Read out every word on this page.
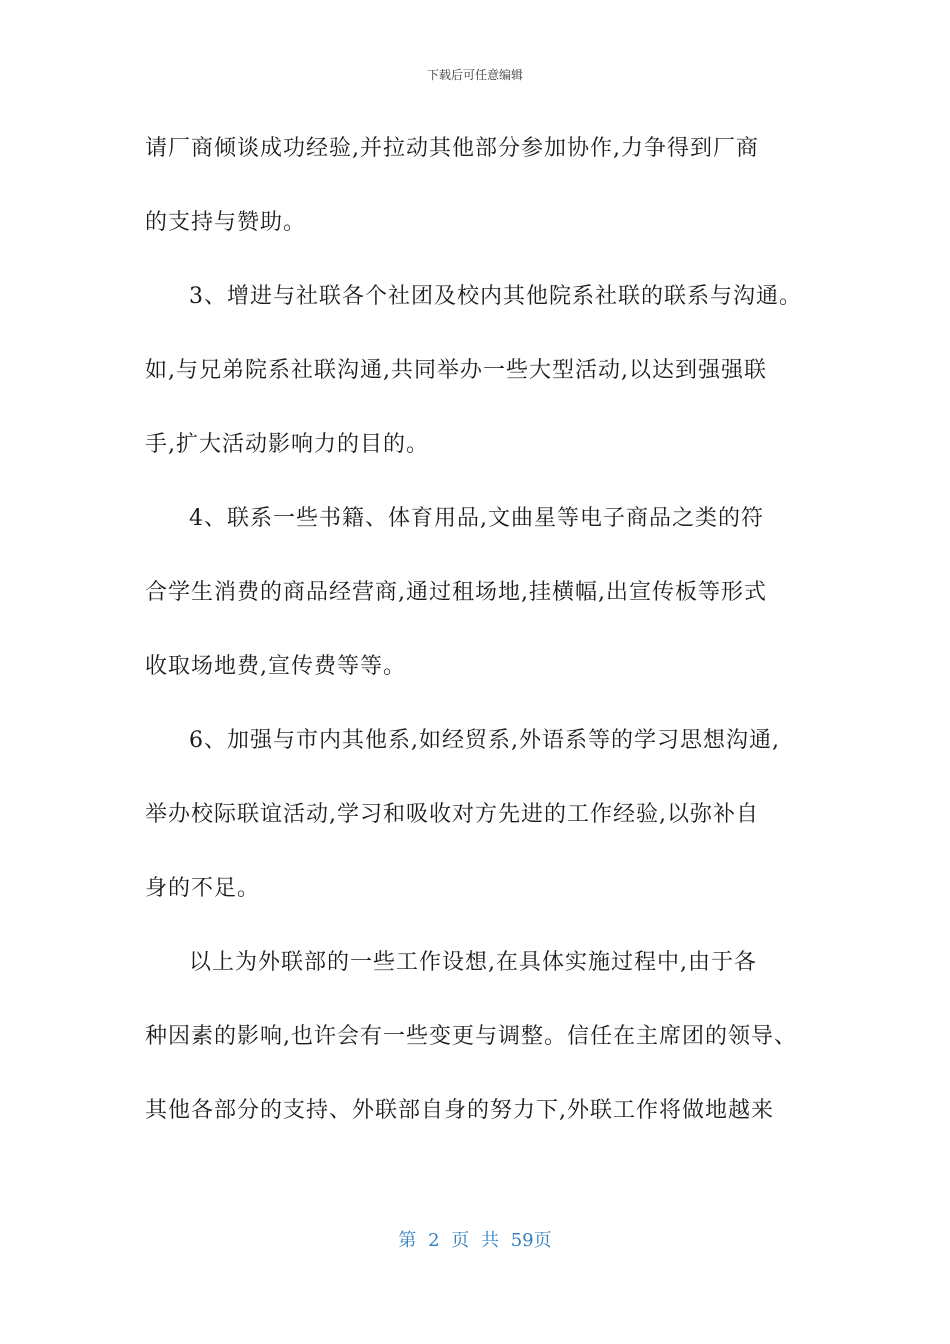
下载后可任意编辑
请厂商倾谈成功经验,并拉动其他部分参加协作,力争得到厂商
的支持与赞助。
3、增进与社联各个社团及校内其他院系社联的联系与沟通。
如,与兄弟院系社联沟通,共同举办一些大型活动,以达到强强联
手,扩大活动影响力的目的。
4、联系一些书籍、体育用品,文曲星等电子商品之类的符
合学生消费的商品经营商,通过租场地,挂横幅,出宣传板等形式
收取场地费,宣传费等等。
6、加强与市内其他系,如经贸系,外语系等的学习思想沟通,
举办校际联谊活动,学习和吸收对方先进的工作经验,以弥补自
身的不足。
以上为外联部的一些工作设想,在具体实施过程中,由于各
种因素的影响,也许会有一些变更与调整。信任在主席团的领导、
其他各部分的支持、外联部自身的努力下,外联工作将做地越来
第 2 页 共 59页
